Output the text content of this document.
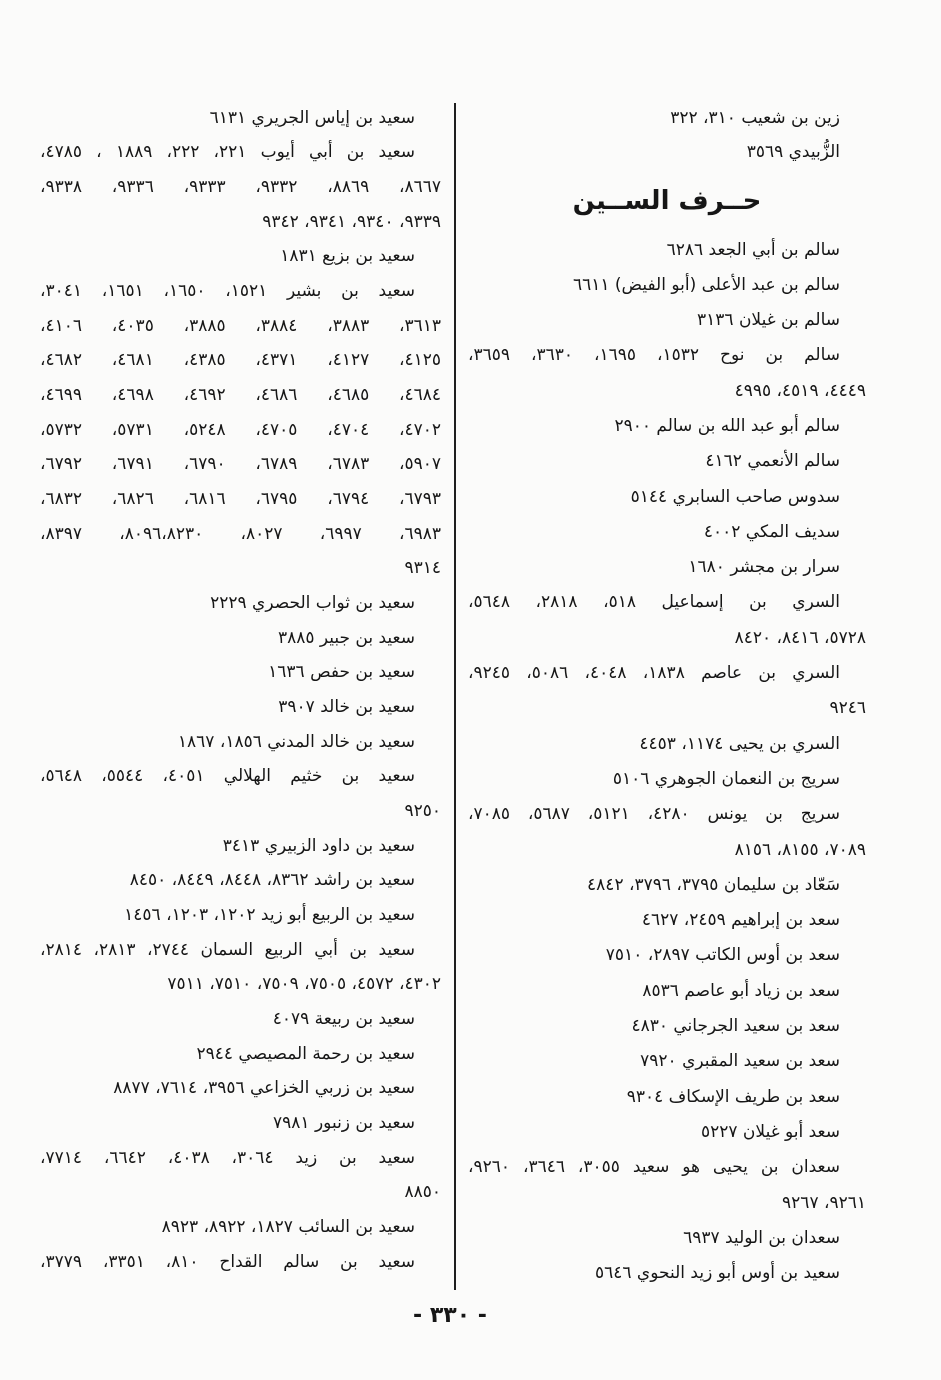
زين بن شعيب ٣١٠، ٣٢٢
الزُّبيدي ٣٥٦٩
حــرف الســين
سالم بن أبي الجعد ٦٢٨٦
سالم بن عبد الأعلى (أبو الفيض) ٦٦١١
سالم بن غيلان ٣١٣٦
سالم بن نوح ١٥٣٢، ١٦٩٥، ٣٦٣٠، ٣٦٥٩،
٤٤٤٩، ٤٥١٩، ٤٩٩٥
سالم أبو عبد الله بن سالم ٢٩٠٠
سالم الأنعمي ٤١٦٢
سدوس صاحب السابري ٥١٤٤
سديف المكي ٤٠٠٢
سرار بن مجشر ١٦٨٠
السري بن إسماعيل ٥١٨، ٢٨١٨، ٥٦٤٨،
٥٧٢٨، ٨٤١٦، ٨٤٢٠
السري بن عاصم ١٨٣٨، ٤٠٤٨، ٥٠٨٦، ٩٢٤٥،
٩٢٤٦
السري بن يحيى ١١٧٤، ٤٤٥٣
سريج بن النعمان الجوهري ٥١٠٦
سريج بن يونس ٤٢٨٠، ٥١٢١، ٥٦٨٧، ٧٠٨٥،
٧٠٨٩، ٨١٥٥، ٨١٥٦
سَعّاد بن سليمان ٣٧٩٥، ٣٧٩٦، ٤٨٤٢
سعد بن إبراهيم ٢٤٥٩، ٤٦٢٧
سعد بن أوس الكاتب ٢٨٩٧، ٧٥١٠
سعد بن زياد أبو عاصم ٨٥٣٦
سعد بن سعيد الجرجاني ٤٨٣٠
سعد بن سعيد المقبري ٧٩٢٠
سعد بن طريف الإسكاف ٩٣٠٤
سعد أبو غيلان ٥٢٢٧
سعدان بن يحيى هو سعيد ٣٠٥٥، ٣٦٤٦، ٩٢٦٠،
٩٢٦١، ٩٢٦٧
سعدان بن الوليد ٦٩٣٧
سعيد بن أوس أبو زيد النحوي ٥٦٤٦
سعيد بن إياس الجريري ٦١٣١
سعيد بن أبي أيوب ٢٢١، ٢٢٢، ١٨٨٩ ، ٤٧٨٥،
٨٦٦٧، ٨٨٦٩، ٩٣٣٢، ٩٣٣٣، ٩٣٣٦، ٩٣٣٨،
٩٣٣٩، ٩٣٤٠، ٩٣٤١، ٩٣٤٢
سعيد بن بزيع ١٨٣١
سعيد بن بشير ١٥٢١، ١٦٥٠، ١٦٥١، ٣٠٤١،
٣٦١٣، ٣٨٨٣، ٣٨٨٤، ٣٨٨٥، ٤٠٣٥، ٤١٠٦،
٤١٢٥، ٤١٢٧، ٤٣٧١، ٤٣٨٥، ٤٦٨١، ٤٦٨٢،
٤٦٨٤، ٤٦٨٥، ٤٦٨٦، ٤٦٩٢، ٤٦٩٨، ٤٦٩٩،
٤٧٠٢، ٤٧٠٤، ٤٧٠٥، ٥٢٤٨، ٥٧٣١، ٥٧٣٢،
٥٩٠٧، ٦٧٨٣، ٦٧٨٩، ٦٧٩٠، ٦٧٩١، ٦٧٩٢،
٦٧٩٣، ٦٧٩٤، ٦٧٩٥، ٦٨١٦، ٦٨٢٦، ٦٨٣٢،
٦٩٨٣، ٦٩٩٧، ٨٠٢٧، ٨٠٩٦،٨٢٣٠، ٨٣٩٧،
٩٣١٤
سعيد بن ثواب الحصري ٢٢٢٩
سعيد بن جبير ٣٨٨٥
سعيد بن حفص ١٦٣٦
سعيد بن خالد ٣٩٠٧
سعيد بن خالد المدني ١٨٥٦، ١٨٦٧
سعيد بن خثيم الهلالي ٤٠٥١، ٥٥٤٤، ٥٦٤٨،
٩٢٥٠
سعيد بن داود الزبيري ٣٤١٣
سعيد بن راشد ٨٣٦٢، ٨٤٤٨، ٨٤٤٩، ٨٤٥٠
سعيد بن الربيع أبو زيد ١٢٠٢، ١٢٠٣، ١٤٥٦
سعيد بن أبي الربيع السمان ٢٧٤٤، ٢٨١٣، ٢٨١٤،
٤٣٠٢، ٤٥٧٢، ٧٥٠٥، ٧٥٠٩، ٧٥١٠، ٧٥١١
سعيد بن ربيعة ٤٠٧٩
سعيد بن رحمة المصيصي ٢٩٤٤
سعيد بن زربي الخزاعي ٣٩٥٦، ٧٦١٤، ٨٨٧٧
سعيد بن زنبور ٧٩٨١
سعيد بن زيد ٣٠٦٤، ٤٠٣٨، ٦٦٤٢، ٧٧١٤،
٨٨٥٠
سعيد بن السائب ١٨٢٧، ٨٩٢٢، ٨٩٢٣
سعيد بن سالم القداح ٨١٠، ٣٣٥١، ٣٧٧٩،
- ٣٣٠ -
